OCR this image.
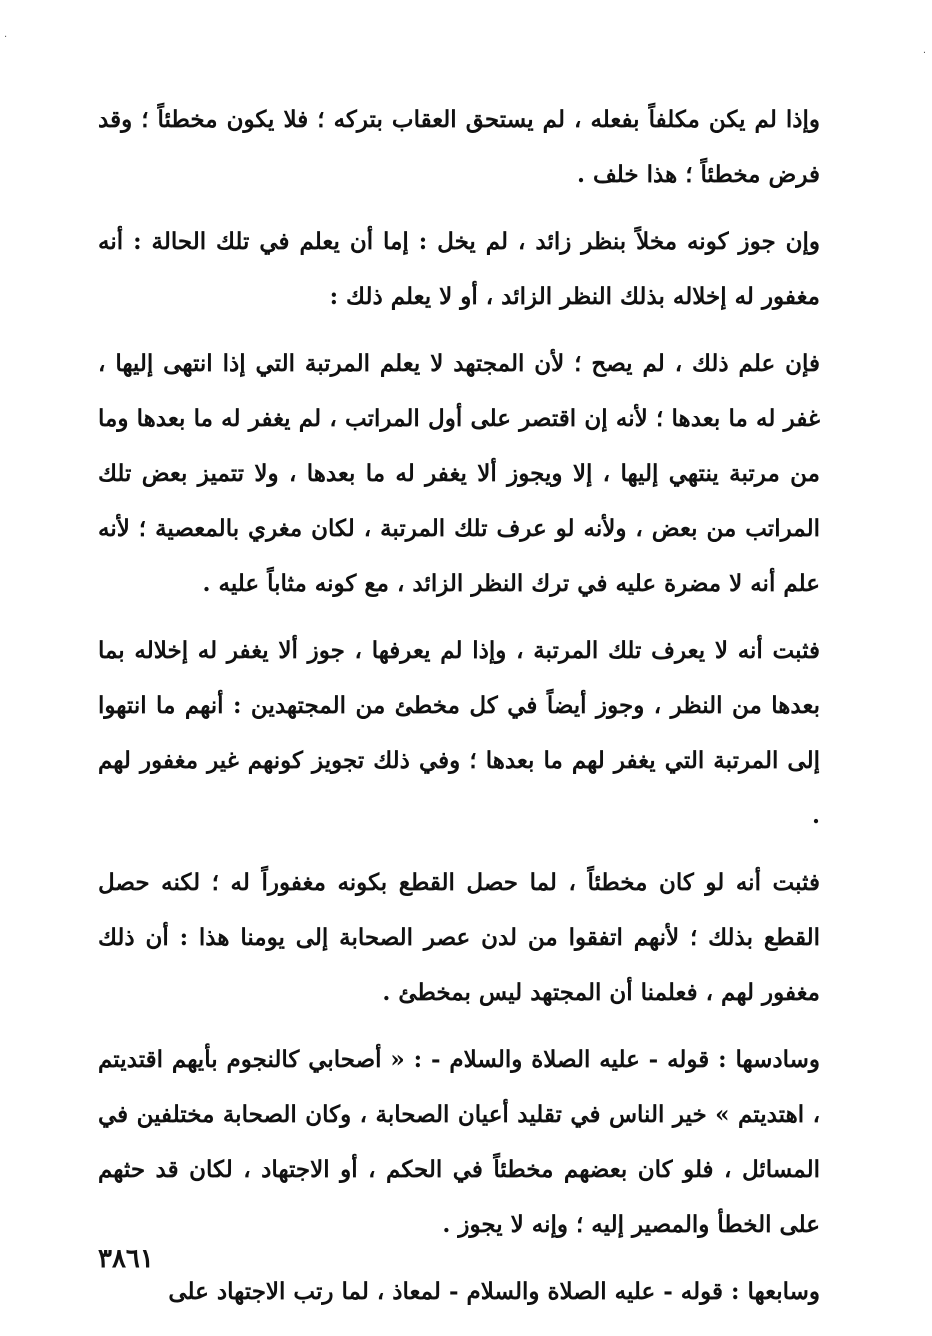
·
·

وإذا لم يكن مكلفاً بفعله ، لم يستحق العقاب بتركه ؛ فلا يكون مخطئاً ؛ وقد فرض مخطئاً ؛ هذا خلف .

وإن جوز كونه مخلاً بنظر زائد ، لم يخل : إما أن يعلم في تلك الحالة : أنه مغفور له إخلاله بذلك النظر الزائد ، أو لا يعلم ذلك :

فإن علم ذلك ، لم يصح ؛ لأن المجتهد لا يعلم المرتبة التي إذا انتهى إليها ، غفر له ما بعدها ؛ لأنه إن اقتصر على أول المراتب ، لم يغفر له ما بعدها وما من مرتبة ينتهي إليها ، إلا ويجوز ألا يغفر له ما بعدها ، ولا تتميز بعض تلك المراتب من بعض ، ولأنه لو عرف تلك المرتبة ، لكان مغري بالمعصية ؛ لأنه علم أنه لا مضرة عليه في ترك النظر الزائد ، مع كونه مثاباً عليه .

فثبت أنه لا يعرف تلك المرتبة ، وإذا لم يعرفها ، جوز ألا يغفر له إخلاله بما بعدها من النظر ، وجوز أيضاً في كل مخطئ من المجتهدين : أنهم ما انتهوا إلى المرتبة التي يغفر لهم ما بعدها ؛ وفي ذلك تجويز كونهم غير مغفور لهم .

فثبت أنه لو كان مخطئاً ، لما حصل القطع بكونه مغفوراً له ؛ لكنه حصل القطع بذلك ؛ لأنهم اتفقوا من لدن عصر الصحابة إلى يومنا هذا : أن ذلك مغفور لهم ، فعلمنا أن المجتهد ليس بمخطئ .

وسادسها : قوله - عليه الصلاة والسلام - : « أصحابي كالنجوم بأيهم اقتديتم ، اهتديتم » خير الناس في تقليد أعيان الصحابة ، وكان الصحابة مختلفين في المسائل ، فلو كان بعضهم مخطئاً في الحكم ، أو الاجتهاد ، لكان قد حثهم على الخطأ والمصير إليه ؛ وإنه لا يجوز .

وسابعها : قوله - عليه الصلاة والسلام - لمعاذ ، لما رتب الاجتهاد على

٣٨٦١
